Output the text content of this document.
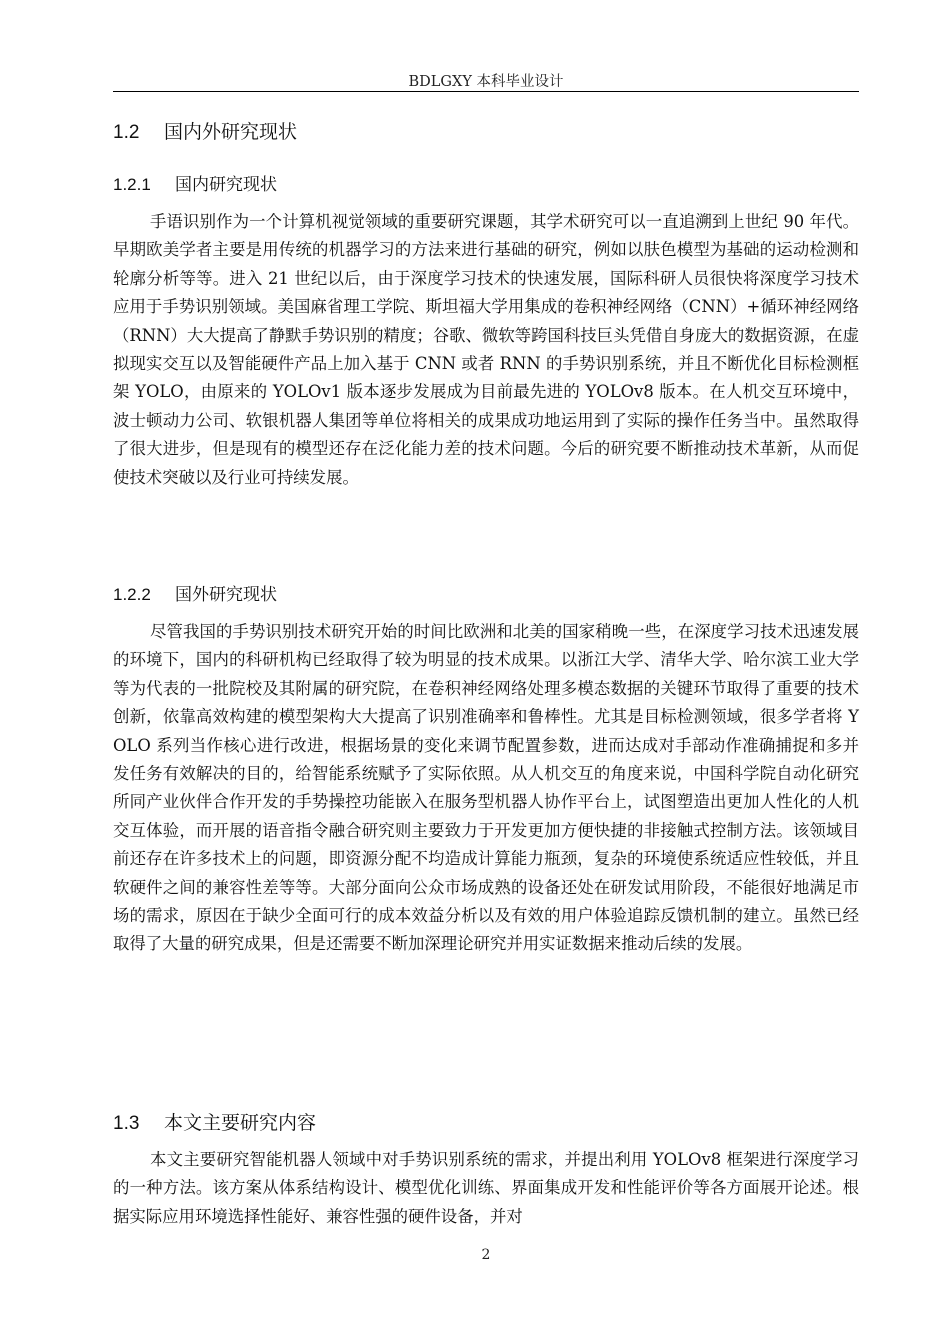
BDLGXY 本科毕业设计
1.2 国内外研究现状
1.2.1 国内研究现状

手语识别作为一个计算机视觉领域的重要研究课题，其学术研究可以一直追溯到上世纪 90 年代。早期欧美学者主要是用传统的机器学习的方法来进行基础的研究，例如以肤色模型为基础的运动检测和轮廓分析等等。进入 21 世纪以后，由于深度学习技术的快速发展，国际科研人员很快将深度学习技术应用于手势识别领域。美国麻省理工学院、斯坦福大学用集成的卷积神经网络（CNN）+循环神经网络（RNN）大大提高了静默手势识别的精度；谷歌、微软等跨国科技巨头凭借自身庞大的数据资源，在虚拟现实交互以及智能硬件产品上加入基于 CNN 或者 RNN 的手势识别系统，并且不断优化目标检测框架 YOLO，由原来的 YOLOv1 版本逐步发展成为目前最先进的 YOLOv8 版本。在人机交互环境中，波士顿动力公司、软银机器人集团等单位将相关的成果成功地运用到了实际的操作任务当中。虽然取得了很大进步，但是现有的模型还存在泛化能力差的技术问题。今后的研究要不断推动技术革新，从而促使技术突破以及行业可持续发展。

1.2.2 国外研究现状

尽管我国的手势识别技术研究开始的时间比欧洲和北美的国家稍晚一些，在深度学习技术迅速发展的环境下，国内的科研机构已经取得了较为明显的技术成果。以浙江大学、清华大学、哈尔滨工业大学等为代表的一批院校及其附属的研究院，在卷积神经网络处理多模态数据的关键环节取得了重要的技术创新，依靠高效构建的模型架构大大提高了识别准确率和鲁棒性。尤其是目标检测领域，很多学者将 YOLO 系列当作核心进行改进，根据场景的变化来调节配置参数，进而达成对手部动作准确捕捉和多并发任务有效解决的目的，给智能系统赋予了实际依照。从人机交互的角度来说，中国科学院自动化研究所同产业伙伴合作开发的手势操控功能嵌入在服务型机器人协作平台上，试图塑造出更加人性化的人机交互体验，而开展的语音指令融合研究则主要致力于开发更加方便快捷的非接触式控制方法。该领域目前还存在许多技术上的问题，即资源分配不均造成计算能力瓶颈，复杂的环境使系统适应性较低，并且软硬件之间的兼容性差等等。大部分面向公众市场成熟的设备还处在研发试用阶段，不能很好地满足市场的需求，原因在于缺少全面可行的成本效益分析以及有效的用户体验追踪反馈机制的建立。虽然已经取得了大量的研究成果，但是还需要不断加深理论研究并用实证数据来推动后续的发展。

1.3 本文主要研究内容

本文主要研究智能机器人领域中对手势识别系统的需求，并提出利用 YOLOv8 框架进行深度学习的一种方法。该方案从体系结构设计、模型优化训练、界面集成开发和性能评价等各方面展开论述。根据实际应用环境选择性能好、兼容性强的硬件设备，并对

2
